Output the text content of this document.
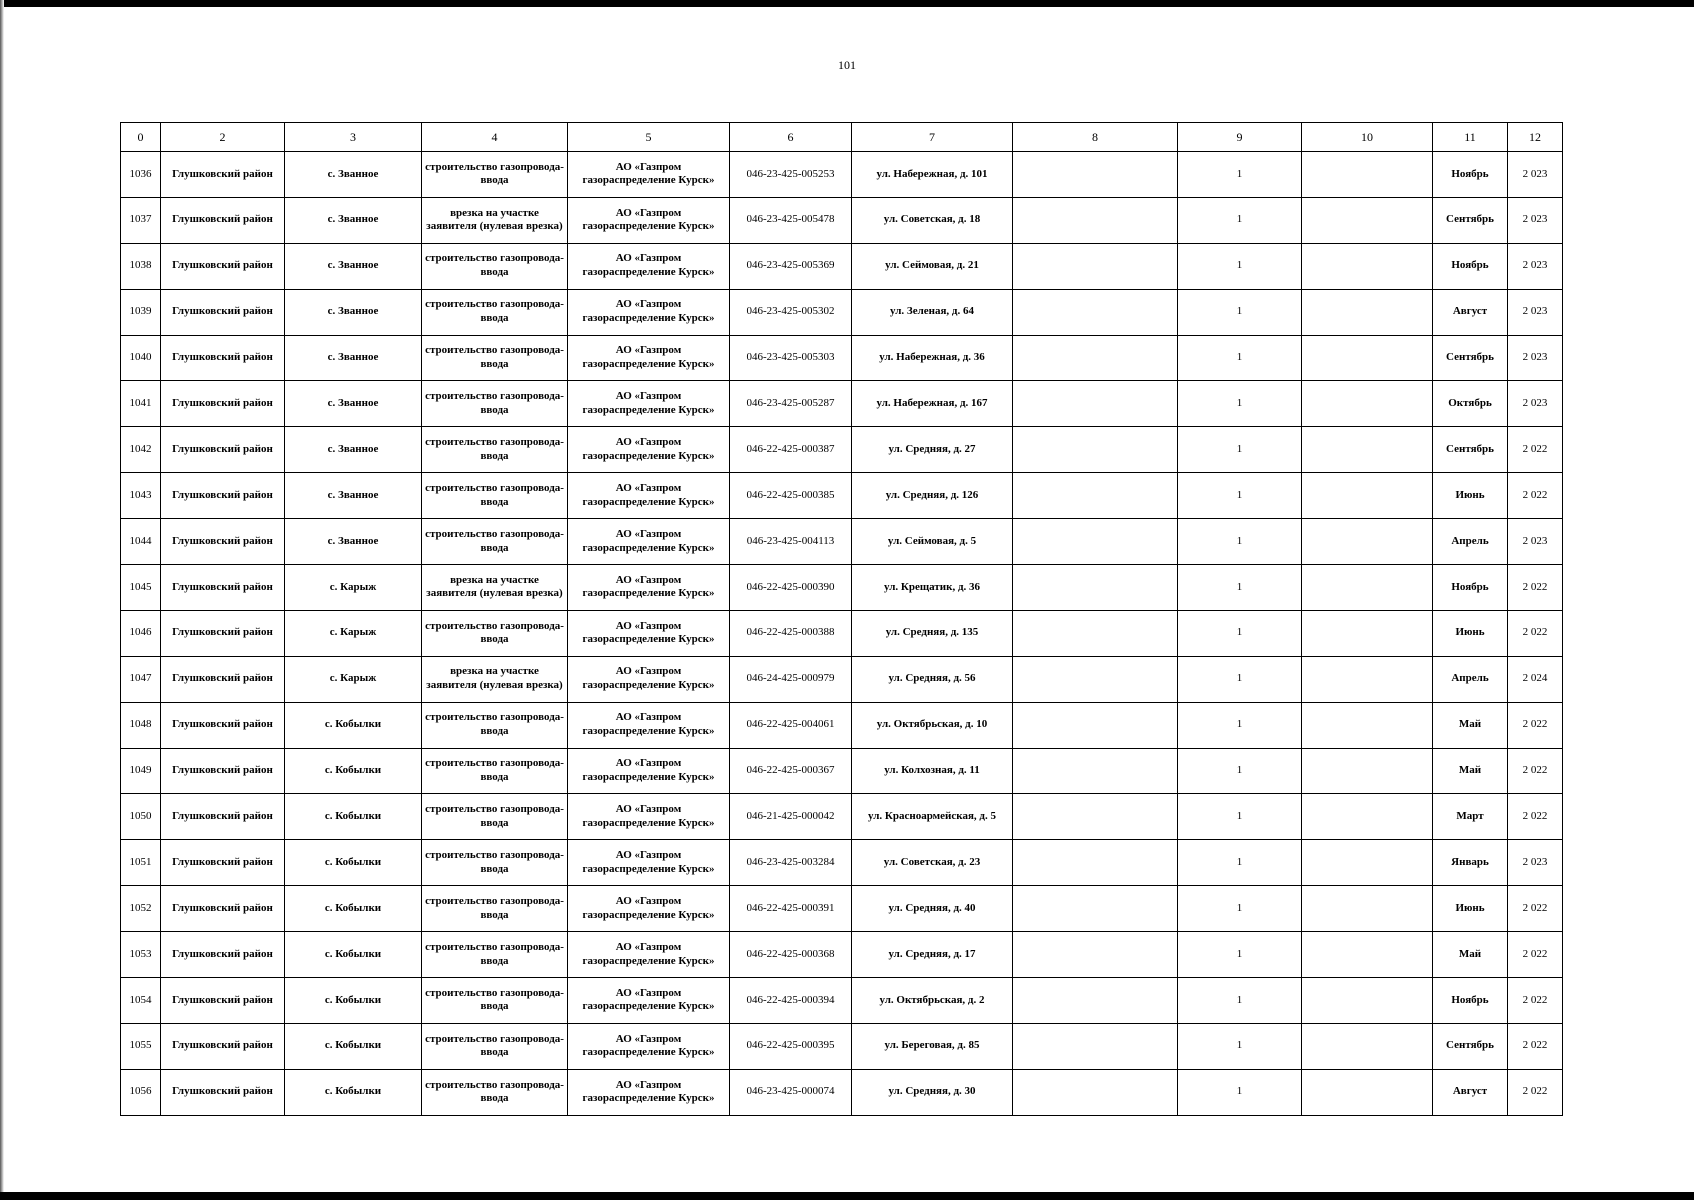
101
0	2	3	4	5	6	7	8	9	10	11	12
1036	Глушковский район	с. Званное	строительство газопровода-ввода	АО «Газпром газораспределение Курск»	046-23-425-005253	ул. Набережная, д. 101		1		Ноябрь	2 023
1037	Глушковский район	с. Званное	врезка на участке заявителя (нулевая врезка)	АО «Газпром газораспределение Курск»	046-23-425-005478	ул. Советская, д. 18		1		Сентябрь	2 023
1038	Глушковский район	с. Званное	строительство газопровода-ввода	АО «Газпром газораспределение Курск»	046-23-425-005369	ул. Сеймовая, д. 21		1		Ноябрь	2 023
1039	Глушковский район	с. Званное	строительство газопровода-ввода	АО «Газпром газораспределение Курск»	046-23-425-005302	ул. Зеленая, д. 64		1		Август	2 023
1040	Глушковский район	с. Званное	строительство газопровода-ввода	АО «Газпром газораспределение Курск»	046-23-425-005303	ул. Набережная, д. 36		1		Сентябрь	2 023
1041	Глушковский район	с. Званное	строительство газопровода-ввода	АО «Газпром газораспределение Курск»	046-23-425-005287	ул. Набережная, д. 167		1		Октябрь	2 023
1042	Глушковский район	с. Званное	строительство газопровода-ввода	АО «Газпром газораспределение Курск»	046-22-425-000387	ул. Средняя, д. 27		1		Сентябрь	2 022
1043	Глушковский район	с. Званное	строительство газопровода-ввода	АО «Газпром газораспределение Курск»	046-22-425-000385	ул. Средняя, д. 126		1		Июнь	2 022
1044	Глушковский район	с. Званное	строительство газопровода-ввода	АО «Газпром газораспределение Курск»	046-23-425-004113	ул. Сеймовая, д. 5		1		Апрель	2 023
1045	Глушковский район	с. Карыж	врезка на участке заявителя (нулевая врезка)	АО «Газпром газораспределение Курск»	046-22-425-000390	ул. Крещатик, д. 36		1		Ноябрь	2 022
1046	Глушковский район	с. Карыж	строительство газопровода-ввода	АО «Газпром газораспределение Курск»	046-22-425-000388	ул. Средняя, д. 135		1		Июнь	2 022
1047	Глушковский район	с. Карыж	врезка на участке заявителя (нулевая врезка)	АО «Газпром газораспределение Курск»	046-24-425-000979	ул. Средняя, д. 56		1		Апрель	2 024
1048	Глушковский район	с. Кобылки	строительство газопровода-ввода	АО «Газпром газораспределение Курск»	046-22-425-004061	ул. Октябрьская, д. 10		1		Май	2 022
1049	Глушковский район	с. Кобылки	строительство газопровода-ввода	АО «Газпром газораспределение Курск»	046-22-425-000367	ул. Колхозная, д. 11		1		Май	2 022
1050	Глушковский район	с. Кобылки	строительство газопровода-ввода	АО «Газпром газораспределение Курск»	046-21-425-000042	ул. Красноармейская, д. 5		1		Март	2 022
1051	Глушковский район	с. Кобылки	строительство газопровода-ввода	АО «Газпром газораспределение Курск»	046-23-425-003284	ул. Советская, д. 23		1		Январь	2 023
1052	Глушковский район	с. Кобылки	строительство газопровода-ввода	АО «Газпром газораспределение Курск»	046-22-425-000391	ул. Средняя, д. 40		1		Июнь	2 022
1053	Глушковский район	с. Кобылки	строительство газопровода-ввода	АО «Газпром газораспределение Курск»	046-22-425-000368	ул. Средняя, д. 17		1		Май	2 022
1054	Глушковский район	с. Кобылки	строительство газопровода-ввода	АО «Газпром газораспределение Курск»	046-22-425-000394	ул. Октябрьская, д. 2		1		Ноябрь	2 022
1055	Глушковский район	с. Кобылки	строительство газопровода-ввода	АО «Газпром газораспределение Курск»	046-22-425-000395	ул. Береговая, д. 85		1		Сентябрь	2 022
1056	Глушковский район	с. Кобылки	строительство газопровода-ввода	АО «Газпром газораспределение Курск»	046-23-425-000074	ул. Средняя, д. 30		1		Август	2 022
